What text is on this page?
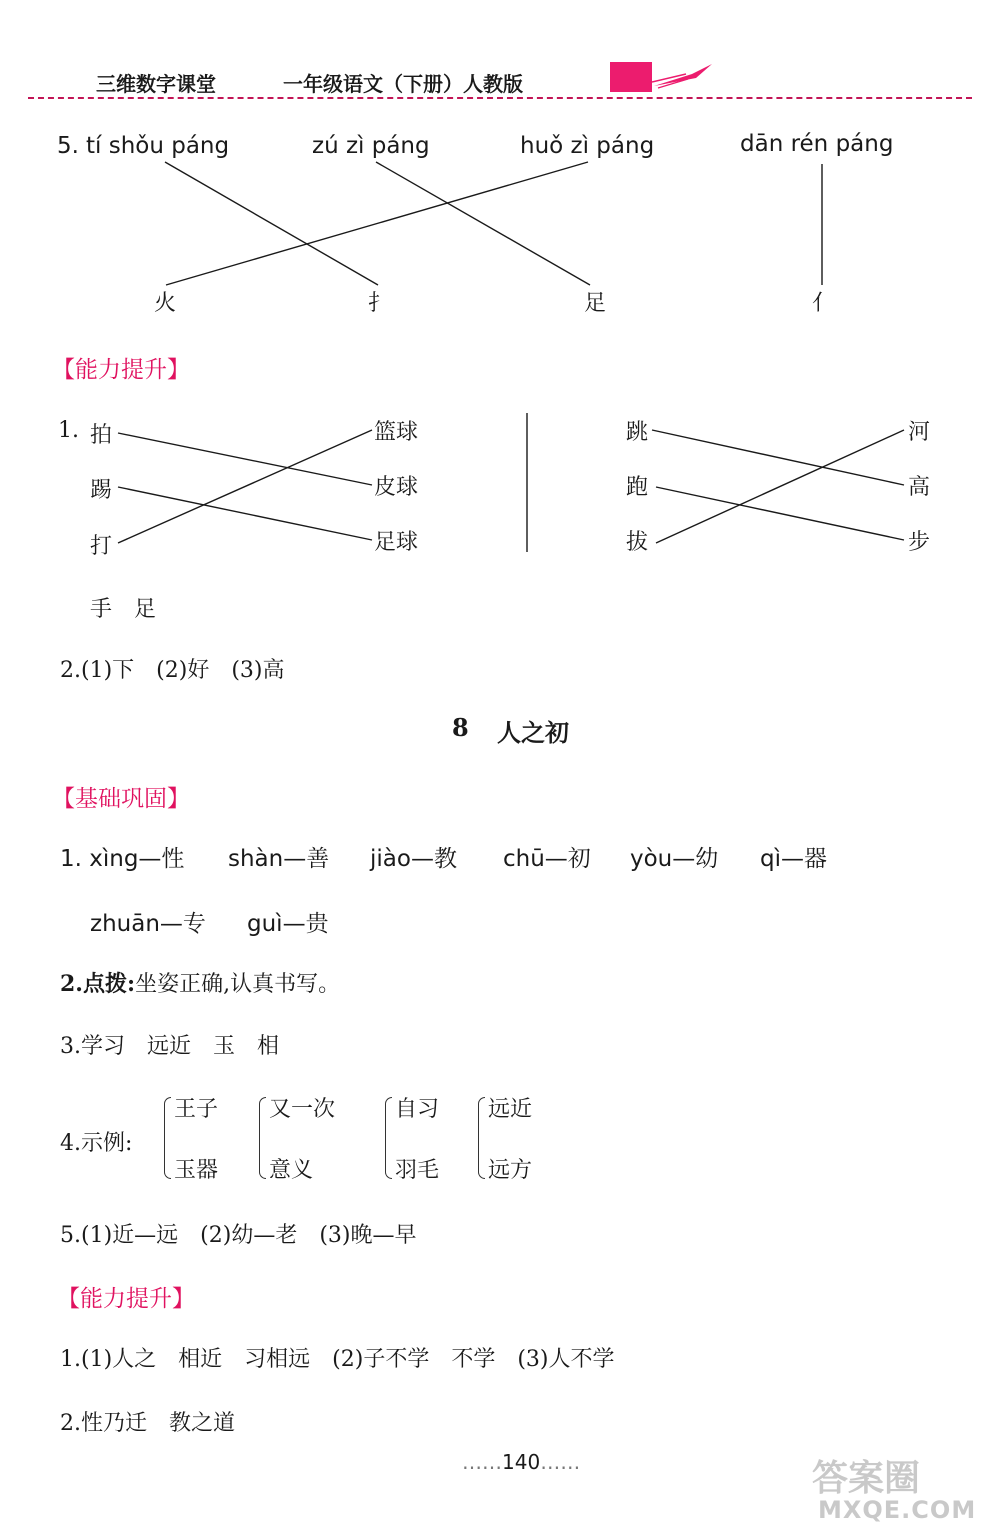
三维数字课堂	一年级语文（下册）人教版
5. tí shǒu páng	zú zì páng	huǒ zì páng	dān rén páng
火	扌	足	亻
【能力提升】
1. 拍
踢
打
篮球
皮球
足球
跳
跑
拔
河
高
步
手　足
2.(1)下　(2)好　(3)高
8 人之初
【基础巩固】
1. xìng—性 shàn—善 jiào—教 chū—初 yòu—幼 qì—器
zhuān—专 guì—贵
2.点拨:坐姿正确,认真书写。
3.学习　远近　玉　相
4.示例:
王子
玉器
又一次
意义
自习
羽毛
远近
远方
5.(1)近—远　(2)幼—老　(3)晚—早
【能力提升】
1.(1)人之　相近　习相远　(2)子不学　不学　(3)人不学
2.性乃迁　教之道
……140……	答案圈
MXQE.COM
